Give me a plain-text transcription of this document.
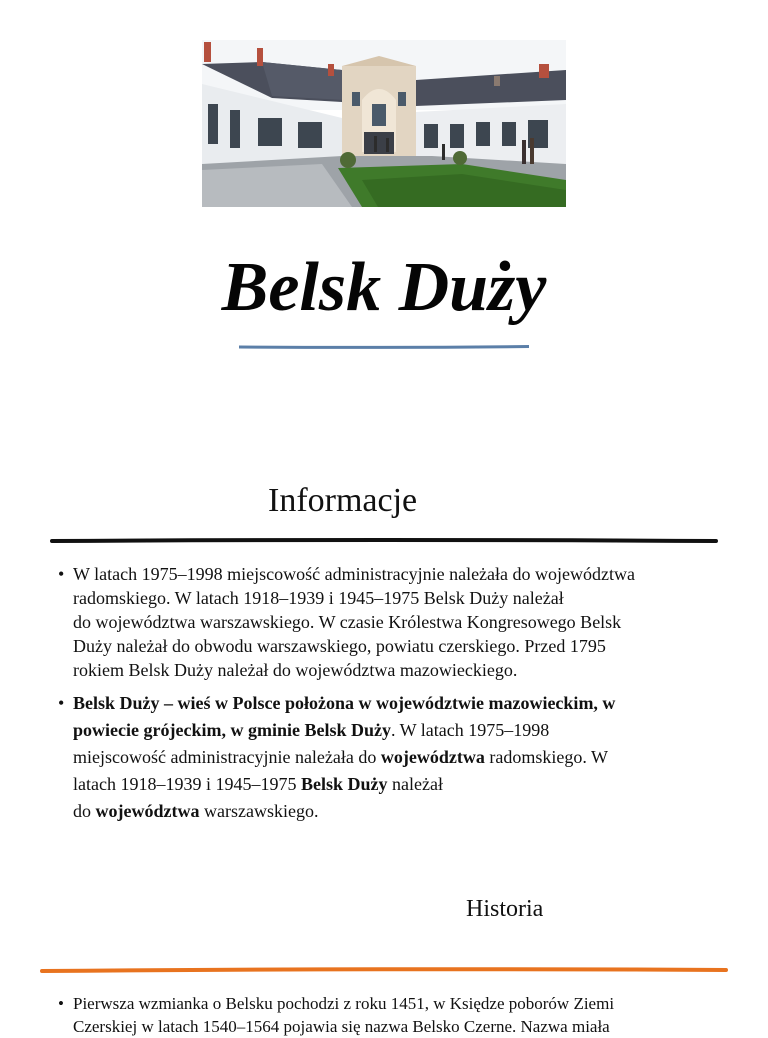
Belsk Duży
Informacje
• W latach 1975–1998 miejscowość administracyjnie należała do województwa
radomskiego. W latach 1918–1939 i 1945–1975 Belsk Duży należał
do województwa warszawskiego. W czasie Królestwa Kongresowego Belsk
Duży należał do obwodu warszawskiego, powiatu czerskiego. Przed 1795
rokiem Belsk Duży należał do województwa mazowieckiego.
• Belsk Duży – wieś w Polsce położona w województwie mazowieckim, w
powiecie grójeckim, w gminie Belsk Duży. W latach 1975–1998
miejscowość administracyjnie należała do województwa radomskiego. W
latach 1918–1939 i 1945–1975 Belsk Duży należał
do województwa warszawskiego.
Historia
• Pierwsza wzmianka o Belsku pochodzi z roku 1451, w Księdze poborów Ziemi
Czerskiej w latach 1540–1564 pojawia się nazwa Belsko Czerne. Nazwa miała
